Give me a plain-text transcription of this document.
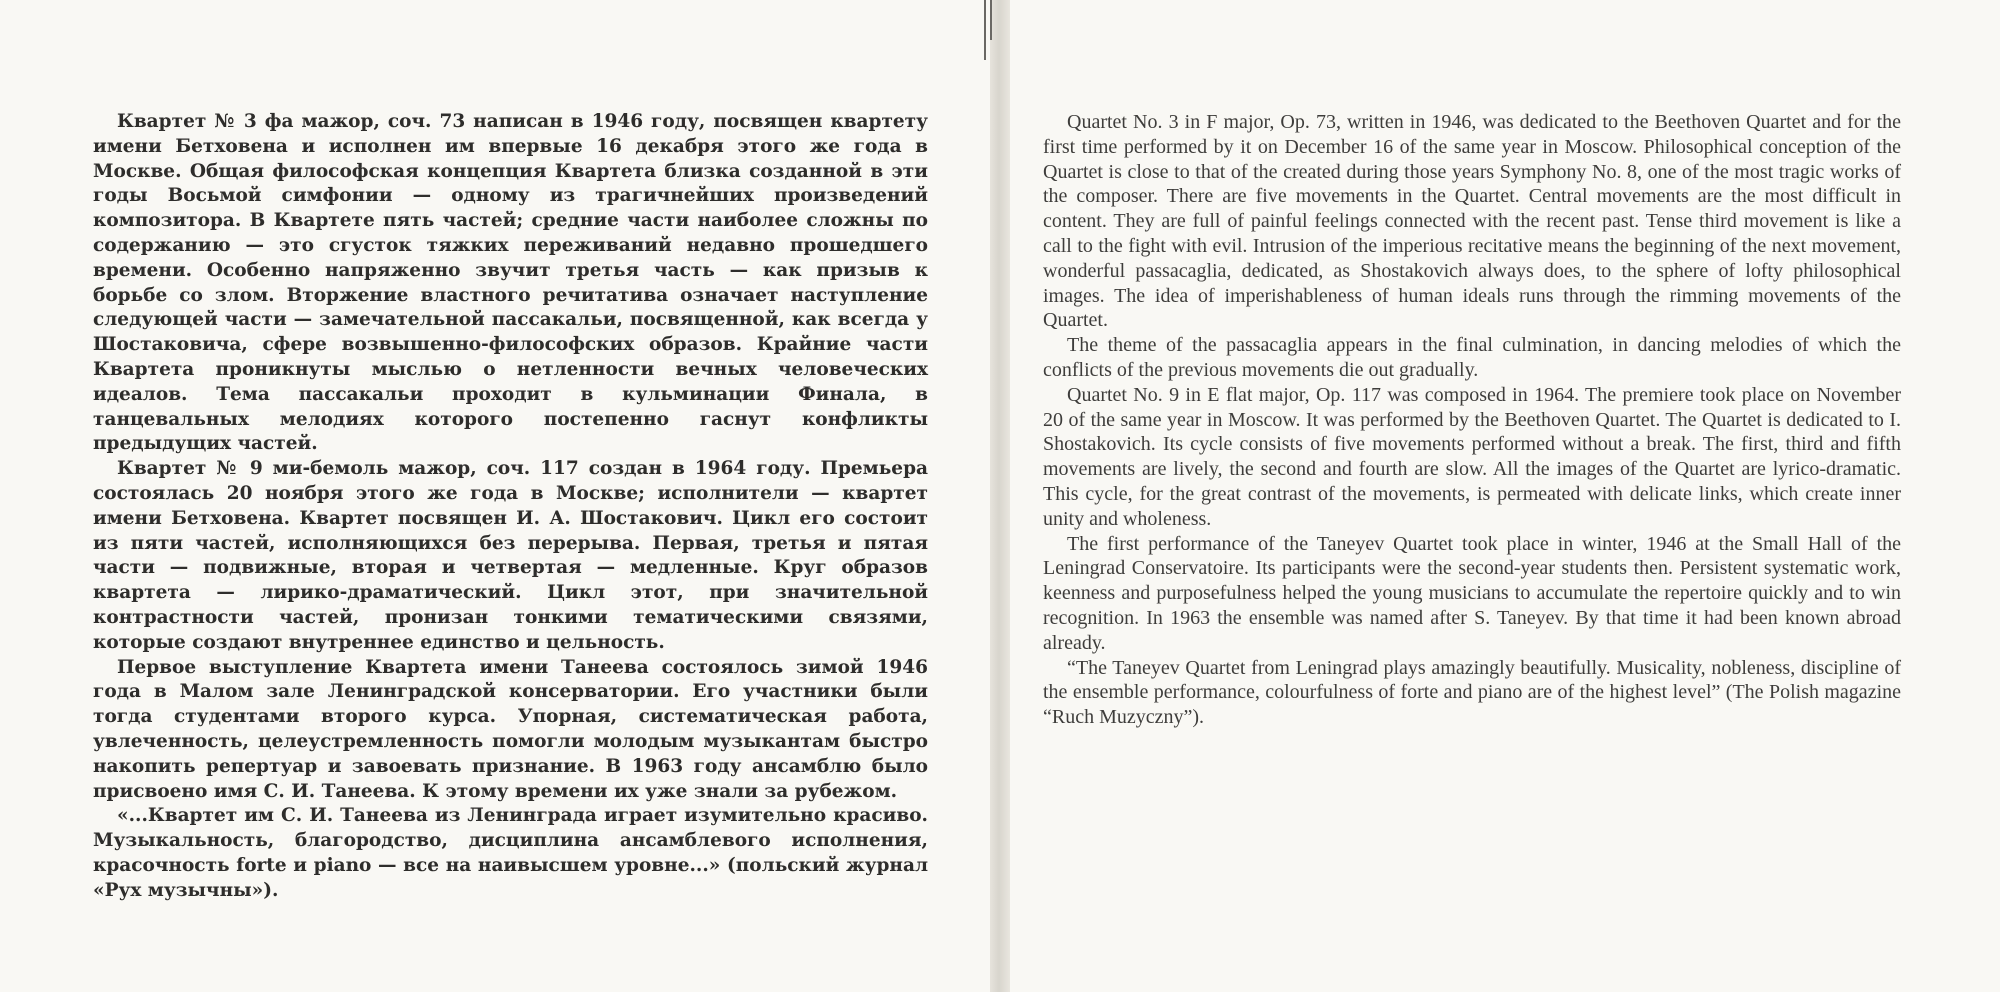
Квартет № 3 фа мажор, соч. 73 написан в 1946 году, посвящен квартету имени Бетховена и исполнен им впервые 16 декабря этого же года в Москве. Общая философская концепция Квартета близка созданной в эти годы Восьмой симфонии — одному из трагичнейших произведений композитора. В Квартете пять частей; средние части наиболее сложны по содержанию — это сгусток тяжких переживаний недавно прошедшего времени. Особенно напряженно звучит третья часть — как призыв к борьбе со злом. Вторжение властного речитатива означает наступление следующей части — замечательной пассакальи, посвященной, как всегда у Шостаковича, сфере возвышенно-философских образов. Крайние части Квартета проникнуты мыслью о нетленности вечных человеческих идеалов. Тема пассакальи проходит в кульминации Финала, в танцевальных мелодиях которого постепенно гаснут конфликты предыдущих частей.

Квартет № 9 ми-бемоль мажор, соч. 117 создан в 1964 году. Премьера состоялась 20 ноября этого же года в Москве; исполнители — квартет имени Бетховена. Квартет посвящен И. А. Шостакович. Цикл его состоит из пяти частей, исполняющихся без перерыва. Первая, третья и пятая части — подвижные, вторая и четвертая — медленные. Круг образов квартета — лирико-драматический. Цикл этот, при значительной контрастности частей, пронизан тонкими тематическими связями, которые создают внутреннее единство и цельность.

Первое выступление Квартета имени Танеева состоялось зимой 1946 года в Малом зале Ленинградской консерватории. Его участники были тогда студентами второго курса. Упорная, систематическая работа, увлеченность, целеустремленность помогли молодым музыкантам быстро накопить репертуар и завоевать признание. В 1963 году ансамблю было присвоено имя С. И. Танеева. К этому времени их уже знали за рубежом.

«...Квартет им С. И. Танеева из Ленинграда играет изумительно красиво. Музыкальность, благородство, дисциплина ансамблевого исполнения, красочность forte и piano — все на наивысшем уровне...» (польский журнал «Рух музычны»).

Quartet No. 3 in F major, Op. 73, written in 1946, was dedicated to the Beethoven Quartet and for the first time performed by it on December 16 of the same year in Moscow. Philosophical conception of the Quartet is close to that of the created during those years Symphony No. 8, one of the most tragic works of the composer. There are five movements in the Quartet. Central movements are the most difficult in content. They are full of painful feelings connected with the recent past. Tense third movement is like a call to the fight with evil. Intrusion of the imperious recitative means the beginning of the next movement, wonderful passacaglia, dedicated, as Shostakovich always does, to the sphere of lofty philosophical images. The idea of imperishableness of human ideals runs through the rimming movements of the Quartet.

The theme of the passacaglia appears in the final culmination, in dancing melodies of which the conflicts of the previous movements die out gradually.

Quartet No. 9 in E flat major, Op. 117 was composed in 1964. The premiere took place on November 20 of the same year in Moscow. It was performed by the Beethoven Quartet. The Quartet is dedicated to I. Shostakovich. Its cycle consists of five movements performed without a break. The first, third and fifth movements are lively, the second and fourth are slow. All the images of the Quartet are lyrico-dramatic. This cycle, for the great contrast of the movements, is permeated with delicate links, which create inner unity and wholeness.

The first performance of the Taneyev Quartet took place in winter, 1946 at the Small Hall of the Leningrad Conservatoire. Its participants were the second-year students then. Persistent systematic work, keenness and purposefulness helped the young musicians to accumulate the repertoire quickly and to win recognition. In 1963 the ensemble was named after S. Taneyev. By that time it had been known abroad already.

“The Taneyev Quartet from Leningrad plays amazingly beautifully. Musicality, nobleness, discipline of the ensemble performance, colourfulness of forte and piano are of the highest level” (The Polish magazine “Ruch Muzyczny”).
